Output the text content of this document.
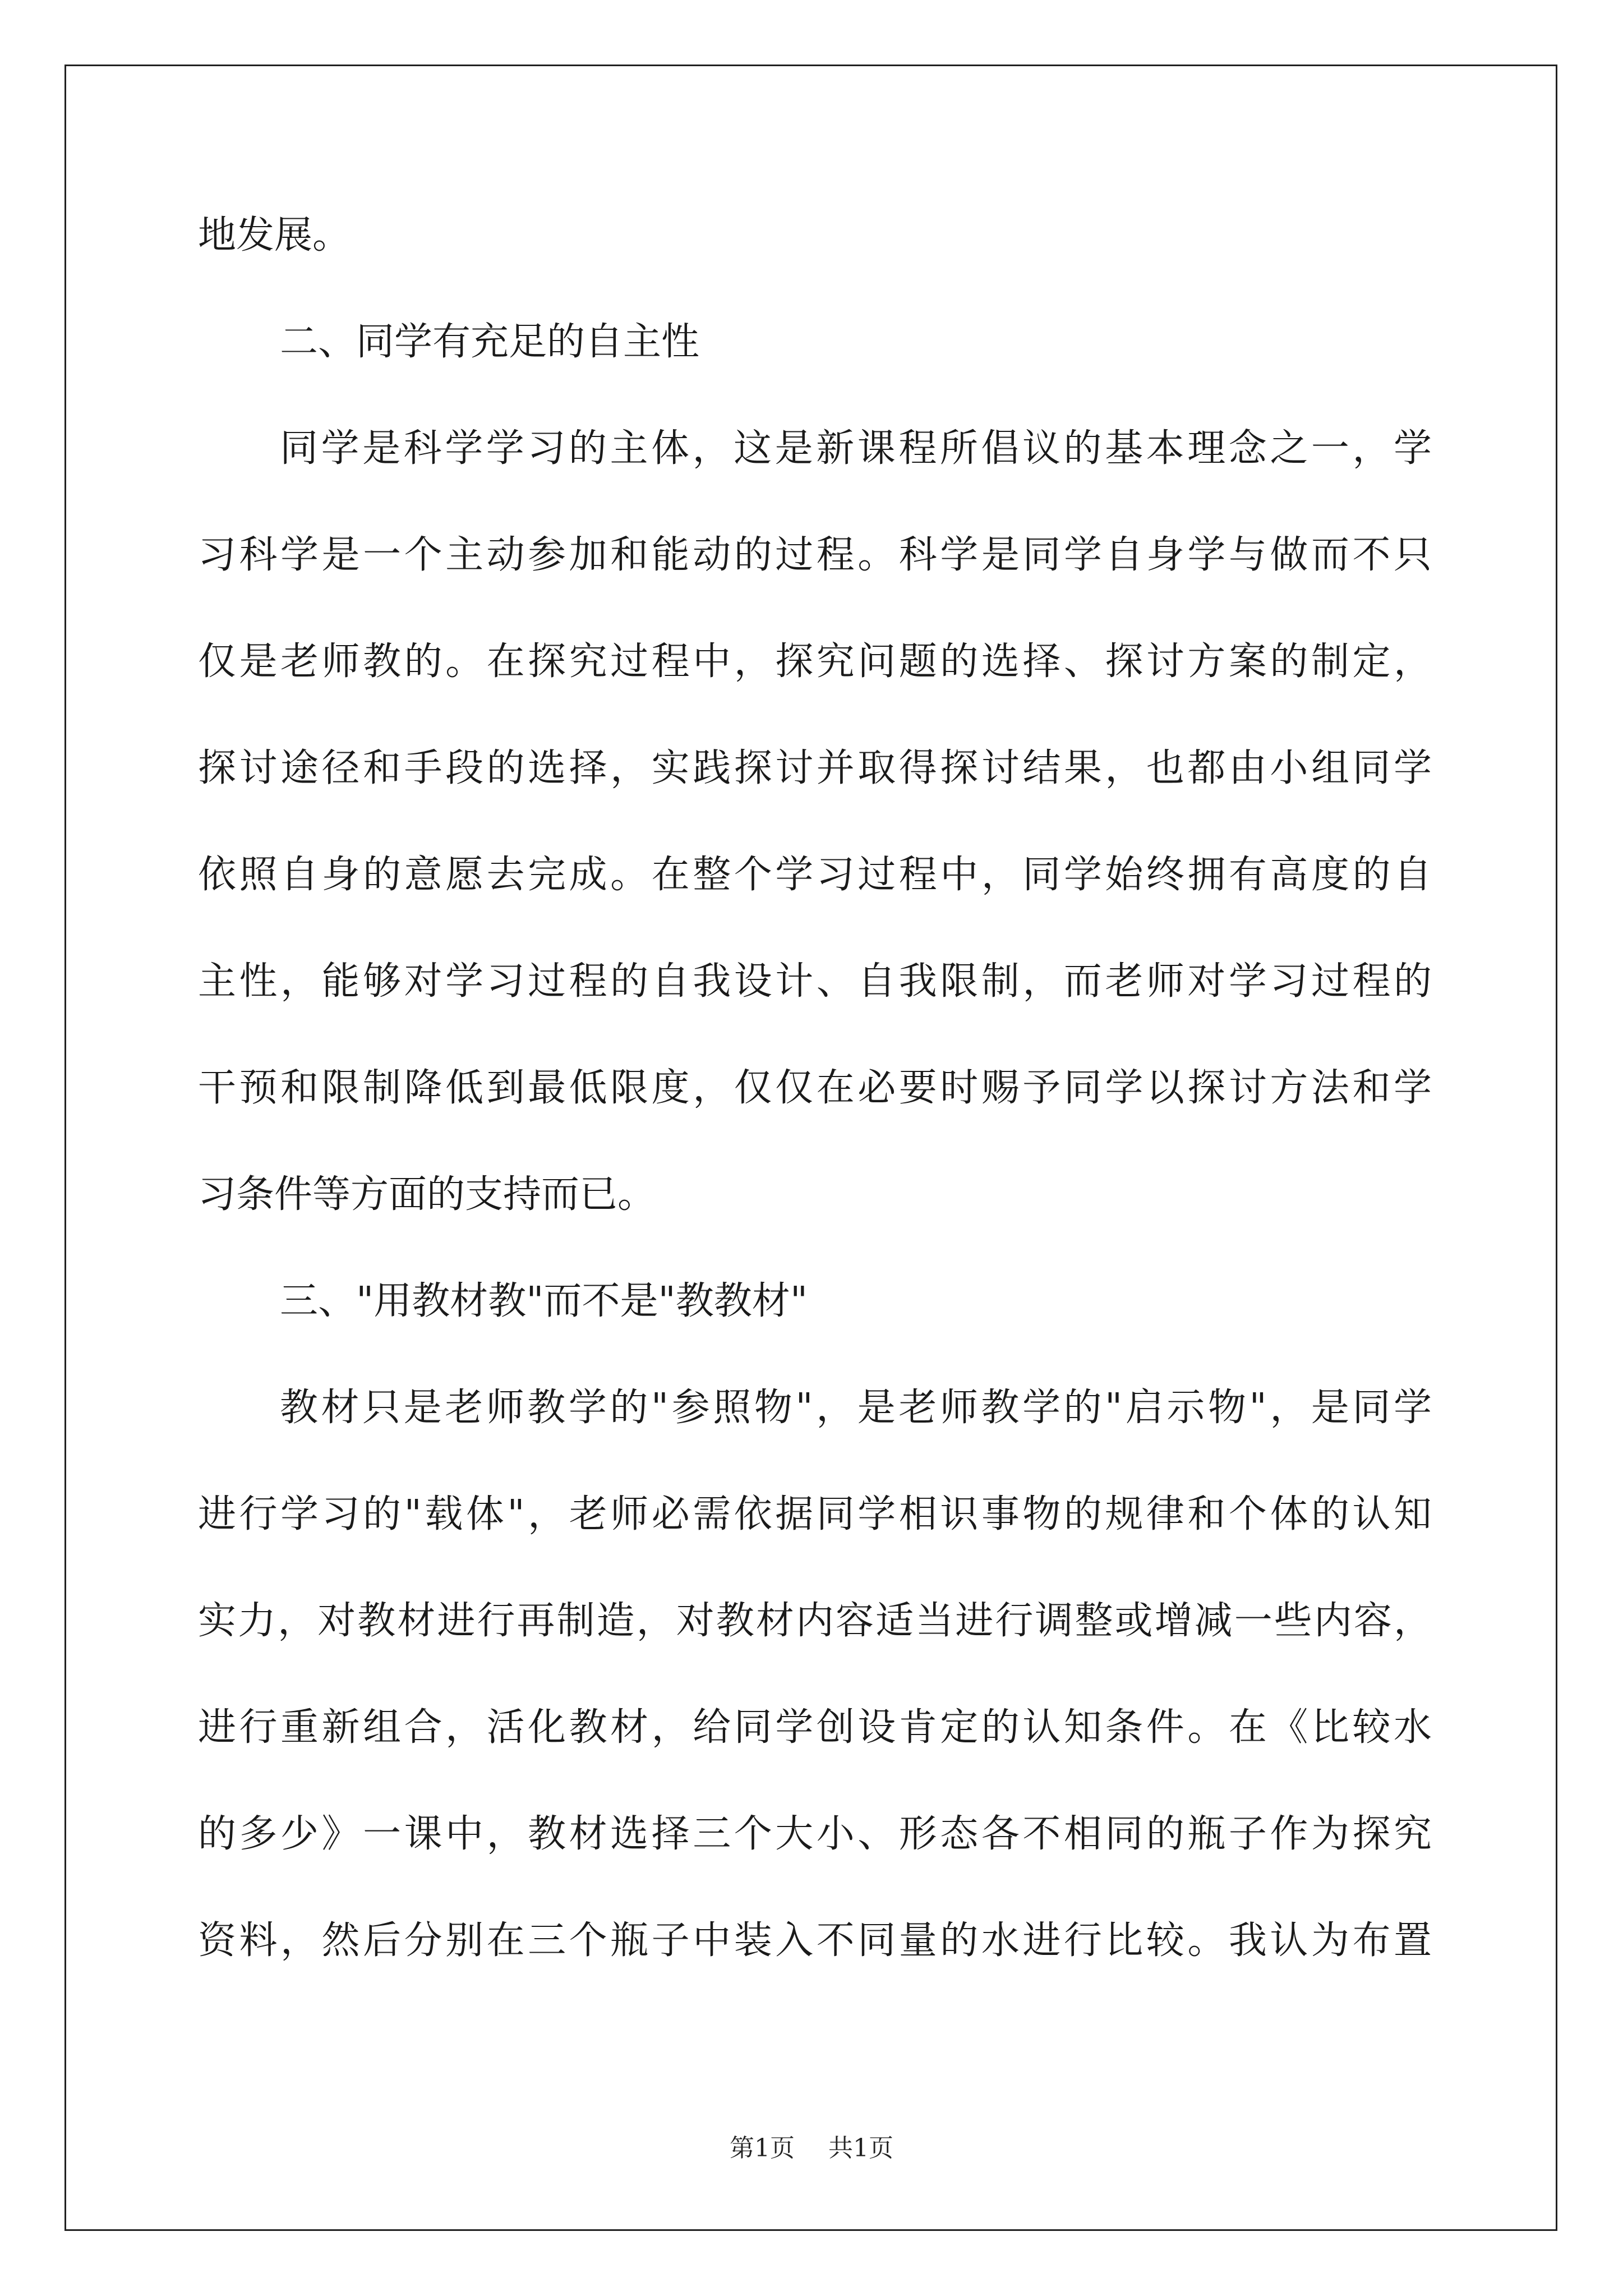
地发展。
二、同学有充足的自主性
同学是科学学习的主体，这是新课程所倡议的基本理念之一，学
习科学是一个主动参加和能动的过程。科学是同学自身学与做而不只
仅是老师教的。在探究过程中，探究问题的选择、探讨方案的制定，
探讨途径和手段的选择，实践探讨并取得探讨结果，也都由小组同学
依照自身的意愿去完成。在整个学习过程中，同学始终拥有高度的自
主性，能够对学习过程的自我设计、自我限制，而老师对学习过程的
干预和限制降低到最低限度，仅仅在必要时赐予同学以探讨方法和学
习条件等方面的支持而已。
三、"用教材教"而不是"教教材"
教材只是老师教学的"参照物"，是老师教学的"启示物"，是同学
进行学习的"载体"，老师必需依据同学相识事物的规律和个体的认知
实力，对教材进行再制造，对教材内容适当进行调整或增减一些内容，
进行重新组合，活化教材，给同学创设肯定的认知条件。在《比较水
的多少》一课中，教材选择三个大小、形态各不相同的瓶子作为探究
资料，然后分别在三个瓶子中装入不同量的水进行比较。我认为布置
第1页 共1页
